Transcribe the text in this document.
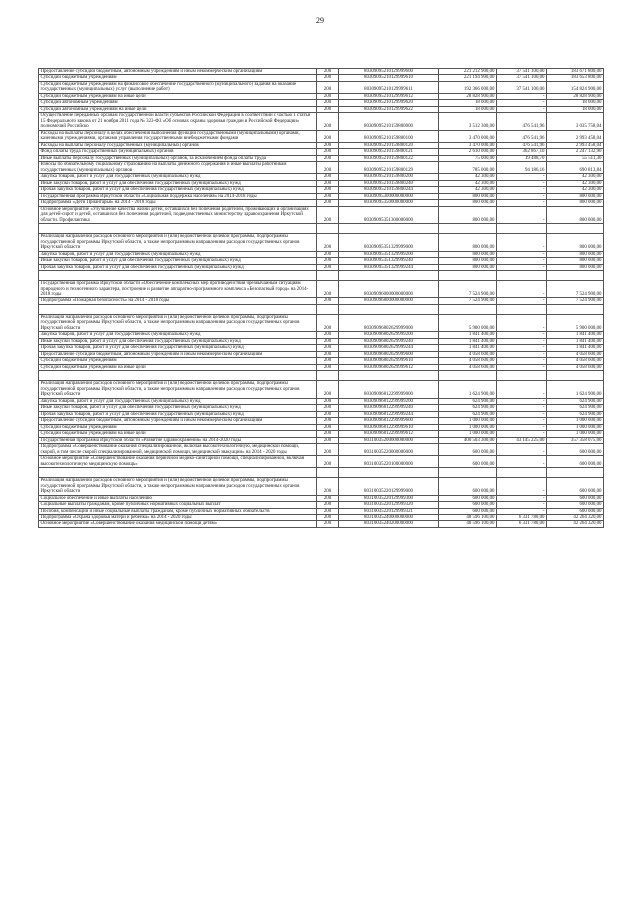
29
Предоставление субсидий бюджетным, автономным учреждениям и иным некоммерческим организациям	200	80309095210129999600	221 212 900,00	37 541 100,00	183 671 800,00
Субсидии бюджетным учреждениям	200	80309095210129999610	221 194 900,00	37 541 100,00	183 653 800,00
Субсидии бюджетным учреждениям на финансовое обеспечение государственного (муниципального) задания на оказание государственных (муниципальных) услуг (выполнение работ)	200	80309095210129999611	192 366 000,00	37 541 100,00	154 824 900,00
Субсидии бюджетным учреждениям на иные цели	200	80309095210129999612	28 828 900,00	-	28 828 900,00
Субсидии автономным учреждениям	200	80309095210129999620	18 000,00	-	18 000,00
Субсидии автономным учреждениям на иные цели	200	80309095210129999622	18 000,00	-	18 000,00
Осуществление переданных органам государственной власти субъектов Российской Федерации в соответствии с частью 1 статьи 15 Федерального закона от 21 ноября 2011 года № 323-ФЗ «Об основах охраны здоровья граждан в Российской Федерации» полномочий Российско	200	80309095210159800000	3 512 300,00	476 541,96	3 035 758,04
Расходы на выплаты персоналу в целях обеспечения выполнения функций государственными (муниципальными) органами, казенными учреждениями, органами управления государственными внебюджетными фондами	200	80309095210159800100	3 470 000,00	476 541,96	2 993 458,04
Расходы на выплаты персоналу государственных (муниципальных) органов	200	80309095210159800120	3 470 000,00	476 541,96	2 993 458,04
Фонд оплаты труда государственных (муниципальных) органов	200	80309095210159800121	2 610 000,00	362 867,10	2 247 132,90
Иные выплаты персоналу государственных (муниципальных) органов, за исключением фонда оплаты труда	200	80309095210159800122	75 000,00	19 488,70	55 511,30
Взносы по обязательному социальному страхованию на выплаты денежного содержания и иные выплаты работникам государственных (муниципальных) органов	200	80309095210159800129	785 000,00	94 186,16	690 813,84
Закупка товаров, работ и услуг для государственных (муниципальных) нужд	200	80309095210159800200	42 300,00	-	42 300,00
Иные закупки товаров, работ и услуг для обеспечения государственных (муниципальных) нужд	200	80309095210159800240	42 300,00	-	42 300,00
Прочая закупка товаров, работ и услуг для обеспечения государственных (муниципальных) нужд	200	80309095210159800244	42 300,00	-	42 300,00
Государственная программа Иркутской области «Социальная поддержка населения» на 2014-2018 годы	200	80309095300000000000	800 000,00	-	800 000,00
Подпрограмма «Дети Приангарья» на 2014 - 2018 годы	200	80309095350000000000	800 000,00	-	800 000,00
Основное мероприятие «Улучшение качества жизни детей, оставшихся без попечения родителей, проживающих в организациях для детей-сирот и детей, оставшихся без попечения родителей, подведомственных министерству здравоохранения Иркутской области. Профилактика	200	80309095351300000000	800 000,00	-	800 000,00

Реализация направлений расходов основного мероприятия и (или) ведомственной целевой программы, подпрограммы государственной программы Иркутской области, а также непрограммным направлениям расходов государственных органов Иркутской области	200	80309095351329999000	800 000,00	-	800 000,00
Закупка товаров, работ и услуг для государственных (муниципальных) нужд	200	80309095351329999200	800 000,00	-	800 000,00
Иные закупки товаров, работ и услуг для обеспечения государственных (муниципальных) нужд	200	80309095351329999240	800 000,00	-	800 000,00
Прочая закупка товаров, работ и услуг для обеспечения государственных (муниципальных) нужд	200	80309095351329999244	800 000,00	-	800 000,00

Государственная программа Иркутской области «Обеспечение комплексных мер противодействия чрезвычайным ситуациям природного и техногенного характера, построение и развитие аппаратно-программного комплекса «Безопасный город» на 2014-2018 годы	200	80309096000000000000	7 524 900,00	-	7 524 900,00
Подпрограмма «Пожарная безопасность» на 2014 - 2018 годы	200	80309096800000000000	7 524 900,00	-	7 524 900,00

Реализация направлений расходов основного мероприятия и (или) ведомственной целевой программы, подпрограммы государственной программы Иркутской области, а также непрограммным направлениям расходов государственных органов Иркутской области	200	80309096802629999000	5 900 000,00	-	5 900 000,00
Закупка товаров, работ и услуг для государственных (муниципальных) нужд	200	80309096802629999200	1 841 400,00	-	1 841 400,00
Иные закупки товаров, работ и услуг для обеспечения государственных (муниципальных) нужд	200	80309096802629999240	1 841 400,00	-	1 841 400,00
Прочая закупка товаров, работ и услуг для обеспечения государственных (муниципальных) нужд	200	80309096802629999244	1 841 400,00	-	1 841 400,00
Предоставление субсидий бюджетным, автономным учреждениям и иным некоммерческим организациям	200	80309096802629999600	4 058 600,00	-	4 058 600,00
Субсидии бюджетным учреждениям	200	80309096802629999610	4 058 600,00	-	4 058 600,00
Субсидии бюджетным учреждениям на иные цели	200	80309096802629999612	4 058 600,00	-	4 058 600,00

Реализация направлений расходов основного мероприятия и (или) ведомственной целевой программы, подпрограммы государственной программы Иркутской области, а также непрограммным направлениям расходов государственных органов Иркутской области	200	80309096812299999000	1 624 900,00	-	1 624 900,00
Закупка товаров, работ и услуг для государственных (муниципальных) нужд	200	80309096812299999200	624 900,00	-	624 900,00
Иные закупки товаров, работ и услуг для обеспечения государственных (муниципальных) нужд	200	80309096812299999240	624 900,00	-	624 900,00
Прочая закупка товаров, работ и услуг для обеспечения государственных (муниципальных) нужд	200	80309096812299999244	624 900,00	-	624 900,00
Предоставление субсидий бюджетным, автономным учреждениям и иным некоммерческим организациям	200	80309096812299999600	1 000 000,00	-	1 000 000,00
Субсидии бюджетным учреждениям	200	80309096812299999610	1 000 000,00	-	1 000 000,00
Субсидии бюджетным учреждениям на иные цели	200	80309096812299999612	1 000 000,00	-	1 000 000,00
Государственная программа Иркутской области «Развитие здравоохранения» на 2014-2020 годы	200	80310035200000000000	400 503 300,00	43 145 225,00	357 358 075,00
Подпрограмма «Совершенствование оказания специализированной, включая высокотехнологичную, медицинской помощи, скорой, в том числе скорой специализированной, медицинской помощи, медицинской эвакуации» на 2014 - 2020 годы	200	80310035220000000000	600 000,00	-	600 000,00
Основное мероприятие «Совершенствование оказания первичной медико-санитарной помощи, специализированной, включая высокотехнологичную медицинскую помощь»	200	80310035220100000000	600 000,00	-	600 000,00

Реализация направлений расходов основного мероприятия и (или) ведомственной целевой программы, подпрограммы государственной программы Иркутской области, а также непрограммным направлениям расходов государственных органов Иркутской области	200	80310035220129999000	600 000,00	-	600 000,00
Социальное обеспечение и иные выплаты населению	200	80310035220129999300	600 000,00	-	600 000,00
Социальные выплаты гражданам, кроме публичных нормативных социальных выплат	200	80310035220129999320	600 000,00	-	600 000,00
Пособия, компенсации и иные социальные выплаты гражданам, кроме публичных нормативных обязательств	200	80310035220129999321	600 000,00	-	600 000,00
Подпрограмма «Охрана здоровья матери и ребенка» на 2014 - 2020 годы	200	80310035240000000000	48 596 100,00	6 331 780,00	42 264 320,00
Основное мероприятие «Совершенствование оказания медицинской помощи детям»	200	80310035240200000000	48 596 100,00	6 331 780,00	42 264 320,00
